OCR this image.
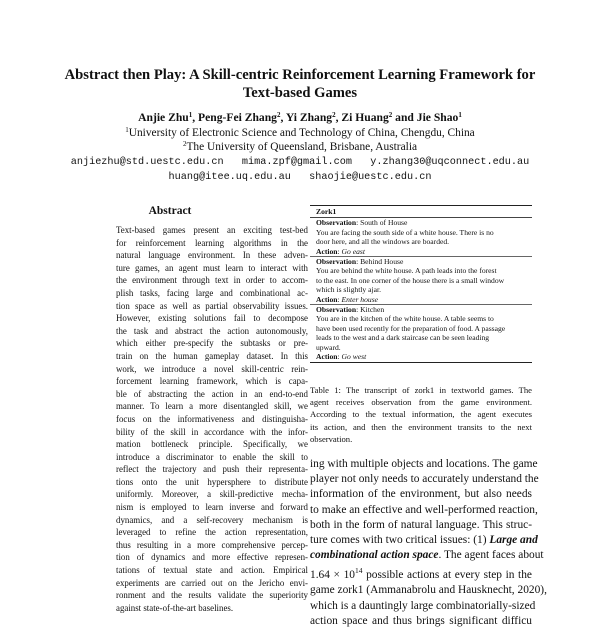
Abstract then Play: A Skill-centric Reinforcement Learning Framework for
Text-based Games
Anjie Zhu$^1$, Peng-Fei Zhang$^2$, Yi Zhang$^2$, Zi Huang$^2$ and Jie Shao$^1$
$^1$University of Electronic Science and Technology of China, Chengdu, China
$^2$The University of Queensland, Brisbane, Australia
anjiezhu@std.uestc.edu.cn   mima.zpf@gmail.com   y.zhang30@uqconnect.edu.au
huang@itee.uq.edu.au   shaojie@uestc.edu.cn
Abstract
Text-based games present an exciting test-bed
for reinforcement learning algorithms in the
natural language environment. In these adven-
ture games, an agent must learn to interact with
the environment through text in order to accom-
plish tasks, facing large and combinational ac-
tion space as well as partial observability issues.
However, existing solutions fail to decompose
the task and abstract the action autonomously,
which either pre-specify the subtasks or pre-
train on the human gameplay dataset. In this
work, we introduce a novel skill-centric rein-
forcement learning framework, which is capa-
ble of abstracting the action in an end-to-end
manner. To learn a more disentangled skill, we
focus on the informativeness and distinguisha-
bility of the skill in accordance with the infor-
mation bottleneck principle. Specifically, we
introduce a discriminator to enable the skill to
reflect the trajectory and push their representa-
tions onto the unit hypersphere to distribute
uniformly. Moreover, a skill-predictive mecha-
nism is employed to learn inverse and forward
dynamics, and a self-recovery mechanism is
leveraged to refine the action representation,
thus resulting in a more comprehensive percep-
tion of dynamics and more effective represen-
tations of textual state and action. Empirical
experiments are carried out on the Jericho envi-
ronment and the results validate the superiority
against state-of-the-art baselines.
Zork1
Observation: South of House
You are facing the south side of a white house. There is no
door here, and all the windows are boarded.
Action: Go east
Observation: Behind House
You are behind the white house. A path leads into the forest
to the east. In one corner of the house there is a small window
which is slightly ajar.
Action: Enter house
Observation: Kitchen
You are in the kitchen of the white house. A table seems to
have been used recently for the preparation of food. A passage
leads to the west and a dark staircase can be seen leading
upward.
Action: Go west
Table 1: The transcript of zork1 in textworld games. The
agent receives observation from the game environment.
According to the textual information, the agent executes
its action, and then the environment transits to the next
observation.
ing with multiple objects and locations. The game
player not only needs to accurately understand the
information of the environment, but also needs
to make an effective and well-performed reaction,
both in the form of natural language. This struc-
ture comes with two critical issues: (1) Large and
combinational action space. The agent faces about
$1.64 \times 10^{14}$ possible actions at every step in the
game zork1 (Ammanabrolu and Hausknecht, 2020),
which is a dauntingly large combinatorially-sized
action space and thus brings significant difficu
